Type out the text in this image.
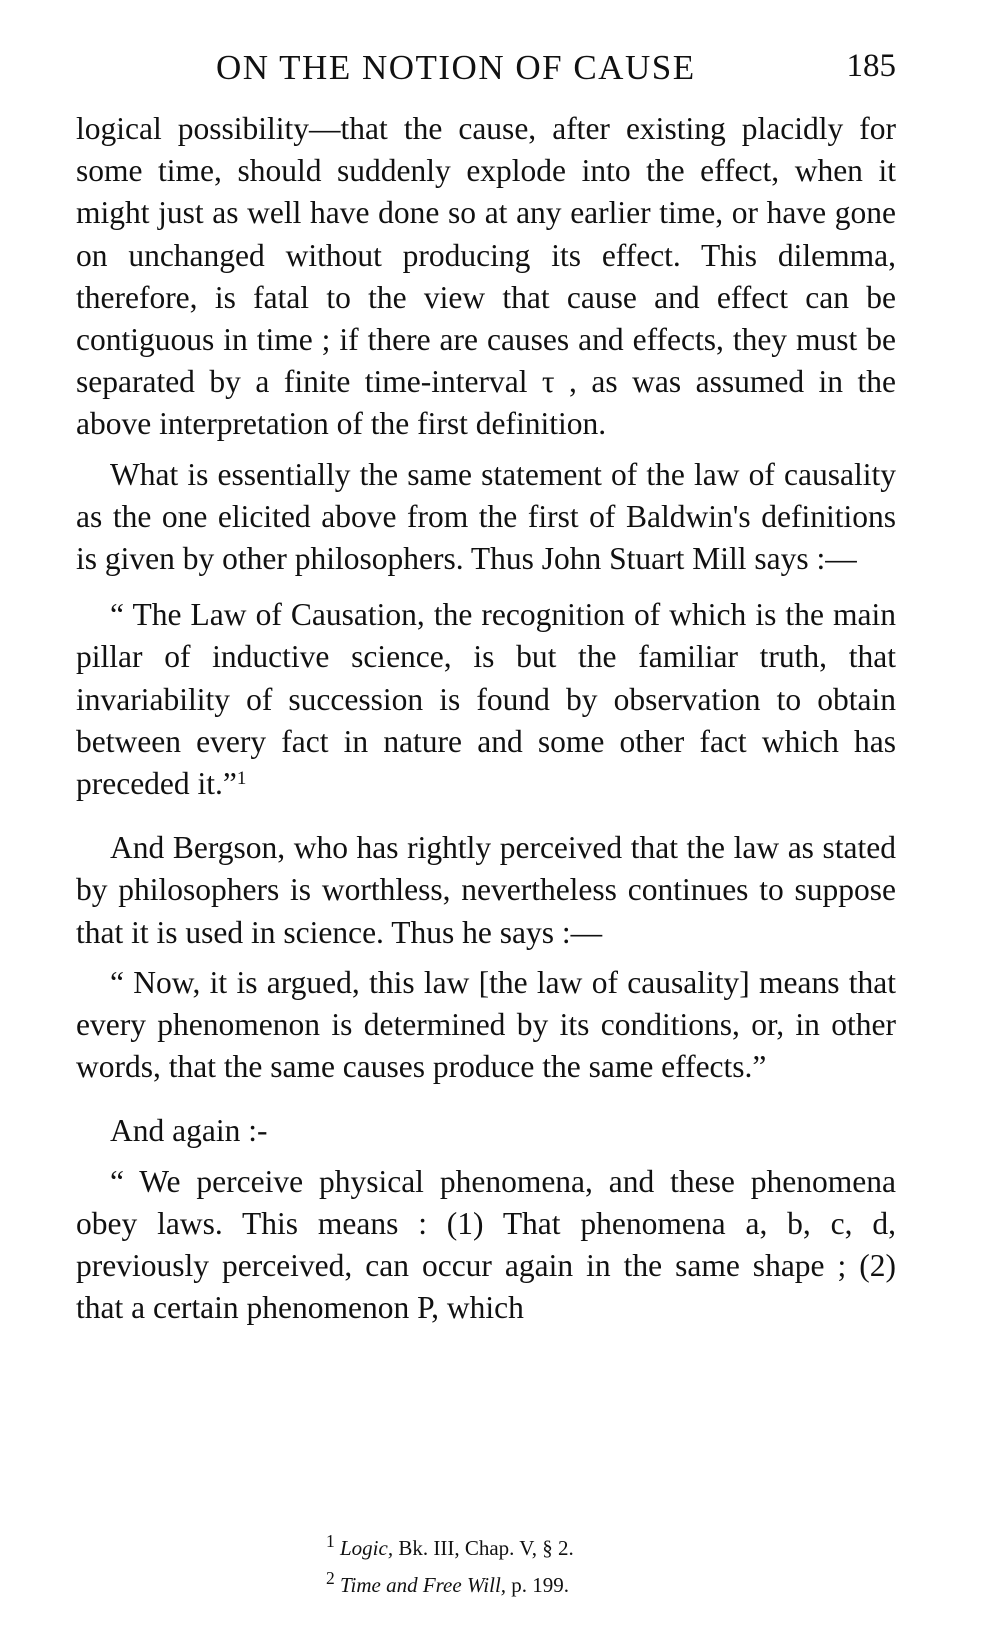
ON THE NOTION OF CAUSE	185

logical possibility—that the cause, after existing placidly for some time, should suddenly explode into the effect, when it might just as well have done so at any earlier time, or have gone on unchanged without producing its effect. This dilemma, therefore, is fatal to the view that cause and effect can be contiguous in time ; if there are causes and effects, they must be separated by a finite time-interval τ , as was assumed in the above interpretation of the first definition.

What is essentially the same statement of the law of causality as the one elicited above from the first of Baldwin's definitions is given by other philosophers. Thus John Stuart Mill says :—

“ The Law of Causation, the recognition of which is the main pillar of inductive science, is but the familiar truth, that invariability of succession is found by observation to obtain between every fact in nature and some other fact which has preceded it.”$^1$

And Bergson, who has rightly perceived that the law as stated by philosophers is worthless, nevertheless continues to suppose that it is used in science. Thus he says :—

“ Now, it is argued, this law [the law of causality] means that every phenomenon is determined by its conditions, or, in other words, that the same causes produce the same effects.”

And again :-

“ We perceive physical phenomena, and these phenomena obey laws. This means : (1) That phenomena a, b, c, d, previously perceived, can occur again in the same shape ; (2) that a certain phenomenon P, which

$^1$ Logic, Bk. III, Chap. V, § 2.

$^2$ Time and Free Will, p. 199.
